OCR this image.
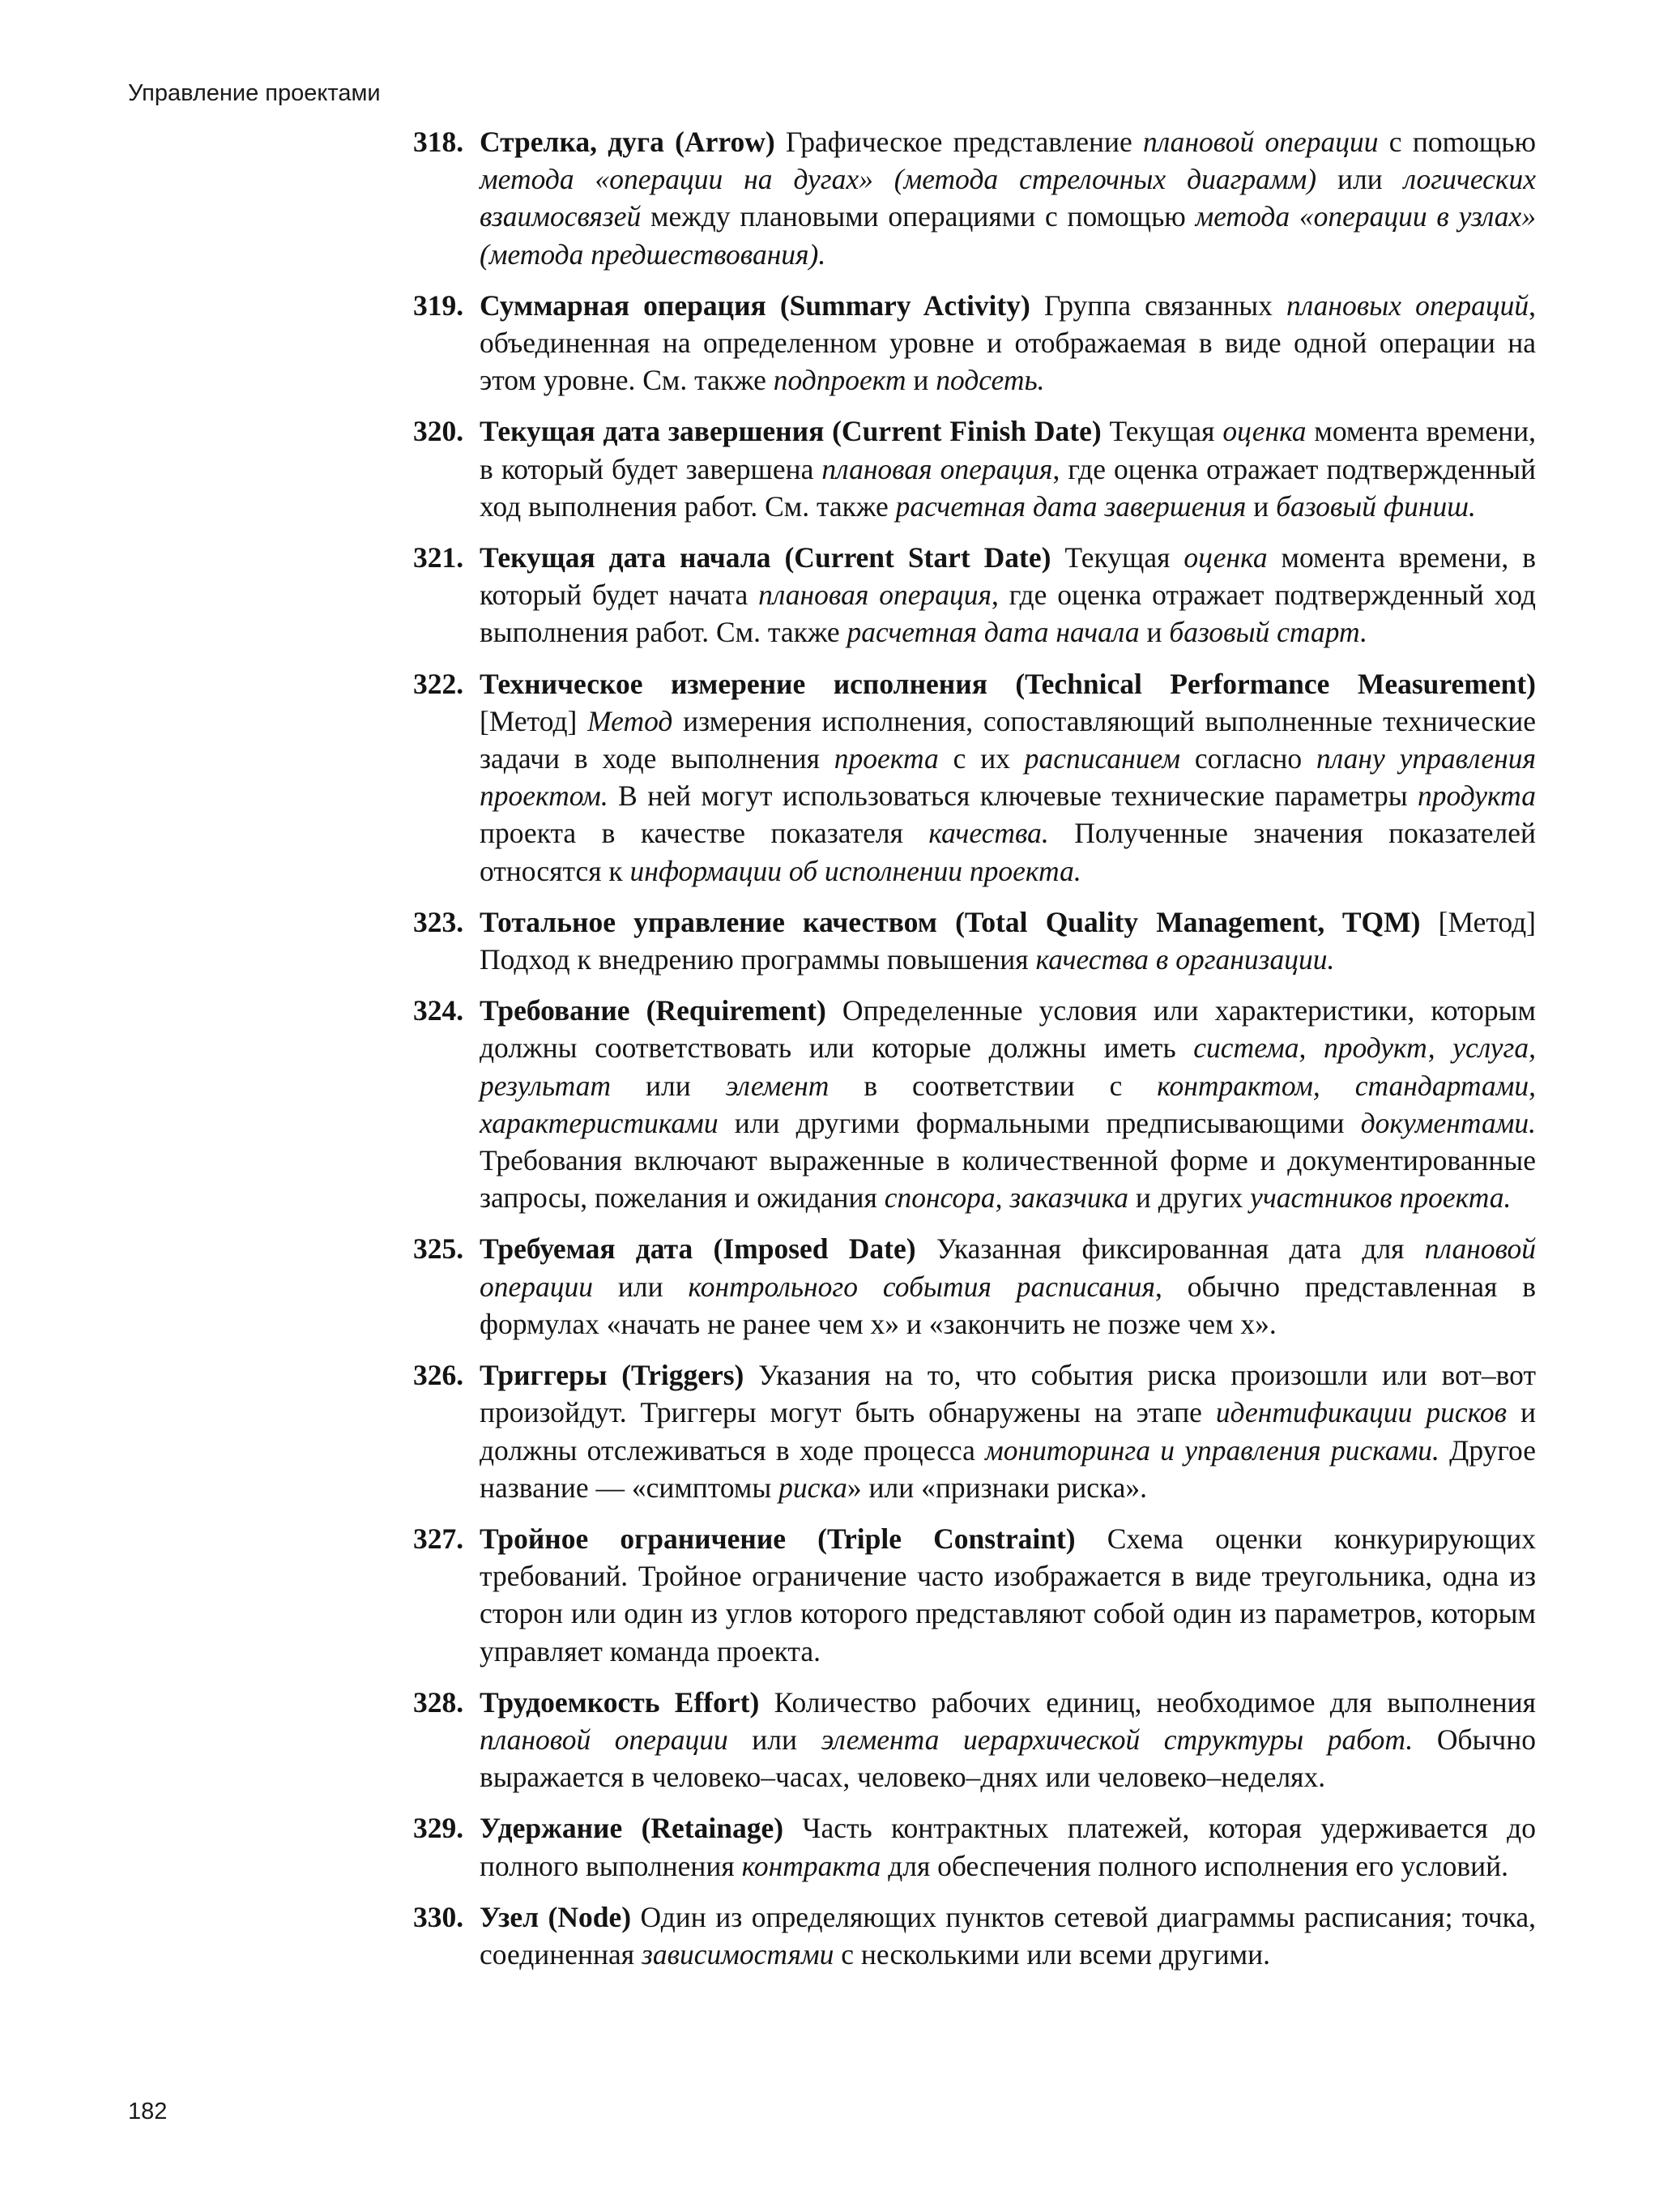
Управление проектами
318. Стрелка, дуга (Arrow) Графическое представление плановой операции с поmощью метода «операции на дугах» (метода стрелочных диаграмм) или логических взаимосвязей между плановыми операциями с помощью метода «операции в узлах» (метода предшествования).
319. Суммарная операция (Summary Activity) Группа связанных плановых операций, объединенная на определенном уровне и отображаемая в виде одной операции на этом уровне. См. также подпроект и подсеть.
320. Текущая дата завершения (Current Finish Date) Текущая оценка момента времени, в который будет завершена плановая операция, где оценка отражает подтвержденный ход выполнения работ. См. также расчетная дата завершения и базовый финиш.
321. Текущая дата начала (Current Start Date) Текущая оценка момента времени, в который будет начата плановая операция, где оценка отражает подтвержденный ход выполнения работ. См. также расчетная дата начала и базовый старт.
322. Техническое измерение исполнения (Technical Performance Measurement) [Метод] Метод измерения исполнения, сопоставляющий выполненные технические задачи в ходе выполнения проекта с их расписанием согласно плану управления проектом. В ней могут использоваться ключевые технические параметры продукта проекта в качестве показателя качества. Полученные значения показателей относятся к информации об исполнении проекта.
323. Тотальное управление качеством (Total Quality Management, TQM) [Метод] Подход к внедрению программы повышения качества в организации.
324. Требование (Requirement) Определенные условия или характеристики, которым должны соответствовать или которые должны иметь система, продукт, услуга, результат или элемент в соответствии с контрактом, стандартами, характеристиками или другими формальными предписывающими документами. Требования включают выраженные в количественной форме и документированные запросы, пожелания и ожидания спонсора, заказчика и других участников проекта.
325. Требуемая дата (Imposed Date) Указанная фиксированная дата для плановой операции или контрольного события расписания, обычно представленная в формулах «начать не ранее чем х» и «закончить не позже чем х».
326. Триггеры (Triggers) Указания на то, что события риска произошли или вот–вот произойдут. Триггеры могут быть обнаружены на этапе идентификации рисков и должны отслеживаться в ходе процесса мониторинга и управления рисками. Другое название — «симптомы риска» или «признаки риска».
327. Тройное ограничение (Triple Constraint) Схема оценки конкурирующих требований. Тройное ограничение часто изображается в виде треугольника, одна из сторон или один из углов которого представляют собой один из параметров, которым управляет команда проекта.
328. Трудоемкость Effort) Количество рабочих единиц, необходимое для выполнения плановой операции или элемента иерархической структуры работ. Обычно выражается в человеко–часах, человеко–днях или человеко–неделях.
329. Удержание (Retainage) Часть контрактных платежей, которая удерживается до полного выполнения контракта для обеспечения полного исполнения его условий.
330. Узел (Node) Один из определяющих пунктов сетевой диаграммы расписания; точка, соединенная зависимостями с несколькими или всеми другими.
182
